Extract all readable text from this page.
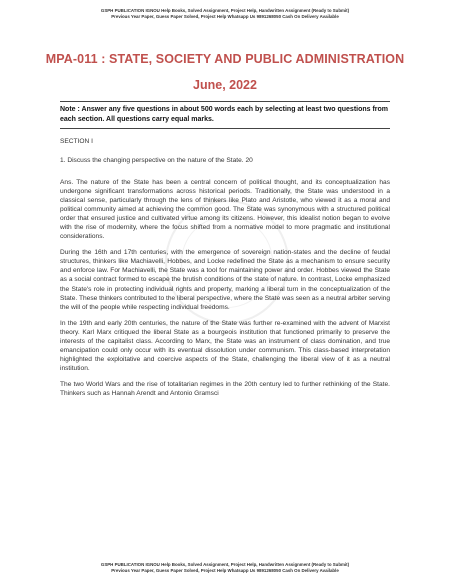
GSPH PUBLICATION IGNOU Help Books, Solved Assignment, Project Help, Handwritten Assignment (Ready to Submit)
Previous Year Paper, Guess Paper Solved, Project Help Whatsapp Us 9891268050 Cash On Delivery Available
MPA-011 : STATE, SOCIETY AND PUBLIC ADMINISTRATION
June, 2022
Note : Answer any five questions in about 500 words each by selecting at least two questions from each section. All questions carry equal marks.
SECTION I
1. Discuss the changing perspective on the nature of the State. 20

Ans. The nature of the State has been a central concern of political thought, and its conceptualization has undergone significant transformations across historical periods. Traditionally, the State was understood in a classical sense, particularly through the lens of thinkers like Plato and Aristotle, who viewed it as a moral and political community aimed at achieving the common good. The State was synonymous with a structured political order that ensured justice and cultivated virtue among its citizens. However, this idealist notion began to evolve with the rise of modernity, where the focus shifted from a normative model to more pragmatic and institutional considerations.

During the 16th and 17th centuries, with the emergence of sovereign nation-states and the decline of feudal structures, thinkers like Machiavelli, Hobbes, and Locke redefined the State as a mechanism to ensure security and enforce law. For Machiavelli, the State was a tool for maintaining power and order. Hobbes viewed the State as a social contract formed to escape the brutish conditions of the state of nature. In contrast, Locke emphasized the State's role in protecting individual rights and property, marking a liberal turn in the conceptualization of the State. These thinkers contributed to the liberal perspective, where the State was seen as a neutral arbiter serving the will of the people while respecting individual freedoms.

In the 19th and early 20th centuries, the nature of the State was further re-examined with the advent of Marxist theory. Karl Marx critiqued the liberal State as a bourgeois institution that functioned primarily to preserve the interests of the capitalist class. According to Marx, the State was an instrument of class domination, and true emancipation could only occur with its eventual dissolution under communism. This class-based interpretation highlighted the exploitative and coercive aspects of the State, challenging the liberal view of it as a neutral institution.

The two World Wars and the rise of totalitarian regimes in the 20th century led to further rethinking of the State. Thinkers such as Hannah Arendt and Antonio Gramsci

GSPH PUBLICATION IGNOU Help Books, Solved Assignment, Project Help, Handwritten Assignment (Ready to Submit)
Previous Year Paper, Guess Paper Solved, Project Help Whatsapp Us 9891268050 Cash On Delivery Available
